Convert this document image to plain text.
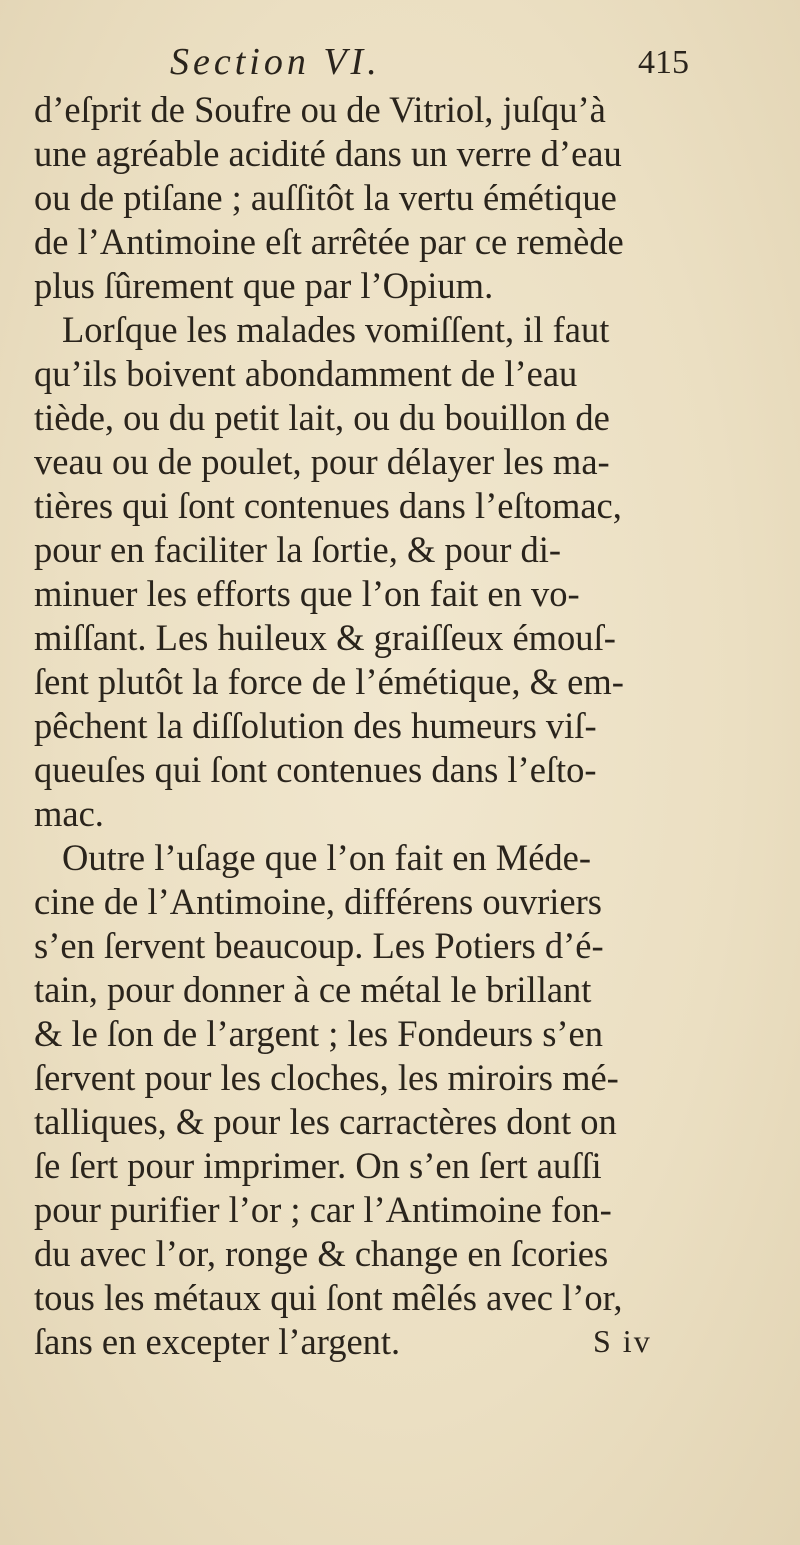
Section VI.	415
d’eſprit de Soufre ou de Vitriol, juſqu’à
une agréable acidité dans un verre d’eau
ou de ptiſane ; auſſitôt la vertu émétique
de l’Antimoine eſt arrêtée par ce remède
plus ſûrement que par l’Opium.
Lorſque les malades vomiſſent, il faut
qu’ils boivent abondamment de l’eau
tiède, ou du petit lait, ou du bouillon de
veau ou de poulet, pour délayer les ma-
tières qui ſont contenues dans l’eſtomac,
pour en faciliter la ſortie, & pour di-
minuer les efforts que l’on fait en vo-
miſſant. Les huileux & graiſſeux émouſ-
ſent plutôt la force de l’émétique, & em-
pêchent la diſſolution des humeurs viſ-
queuſes qui ſont contenues dans l’eſto-
mac.
Outre l’uſage que l’on fait en Méde-
cine de l’Antimoine, différens ouvriers
s’en ſervent beaucoup. Les Potiers d’é-
tain, pour donner à ce métal le brillant
& le ſon de l’argent ; les Fondeurs s’en
ſervent pour les cloches, les miroirs mé-
talliques, & pour les carractères dont on
ſe ſert pour imprimer. On s’en ſert auſſi
pour purifier l’or ; car l’Antimoine fon-
du avec l’or, ronge & change en ſcories
tous les métaux qui ſont mêlés avec l’or,
ſans en excepter l’argent.	S iv
